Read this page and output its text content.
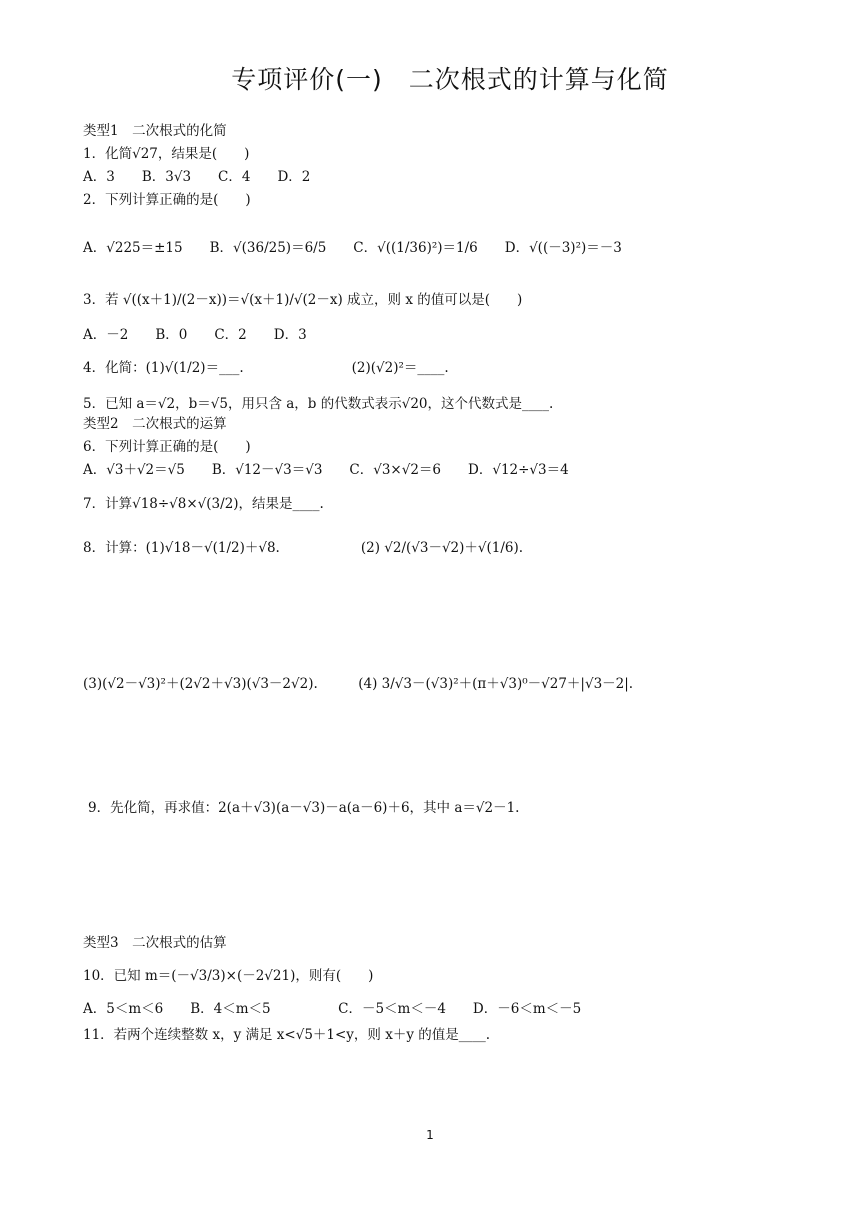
专项评价(一)　二次根式的计算与化简
类型1　二次根式的化简
1．化简√27，结果是(　　)
A．3　　B．3√3　　C．4　　D．2
2．下列计算正确的是(　　)
A．√225＝±15　　B．√(36/25)＝6/5　　C．√((1/36)²)＝1/6　　D．√((－3)²)＝－3
3．若 √((x＋1)/(2－x))＝√(x＋1)/√(2－x) 成立，则 x 的值可以是(　　)
A．－2　　B．0　　C．2　　D．3
4．化简：(1)√(1/2)＝___.　　　　　　　　(2)(√2)²＝____.
5．已知 a＝√2，b＝√5，用只含 a，b 的代数式表示√20，这个代数式是____.
类型2　二次根式的运算
6．下列计算正确的是(　　)
A．√3＋√2＝√5　　B．√12－√3＝√3　　C．√3×√2＝6　　D．√12÷√3＝4
7．计算√18÷√8×√(3/2)，结果是____.
8．计算：(1)√18－√(1/2)＋√8.　　　　　　(2) √2/(√3－√2)＋√(1/6).
(3)(√2－√3)²＋(2√2＋√3)(√3－2√2).　　　(4) 3/√3－(√3)²＋(π＋√3)⁰－√27＋|√3－2|.
9．先化简，再求值：2(a＋√3)(a－√3)－a(a－6)＋6，其中 a＝√2－1.
类型3　二次根式的估算
10．已知 m＝(－√3/3)×(－2√21)，则有(　　)
A．5＜m＜6　　B．4＜m＜5　　　　　C．－5＜m＜－4　　D．－6＜m＜－5
11．若两个连续整数 x，y 满足 x<√5＋1<y，则 x＋y 的值是____.
1
